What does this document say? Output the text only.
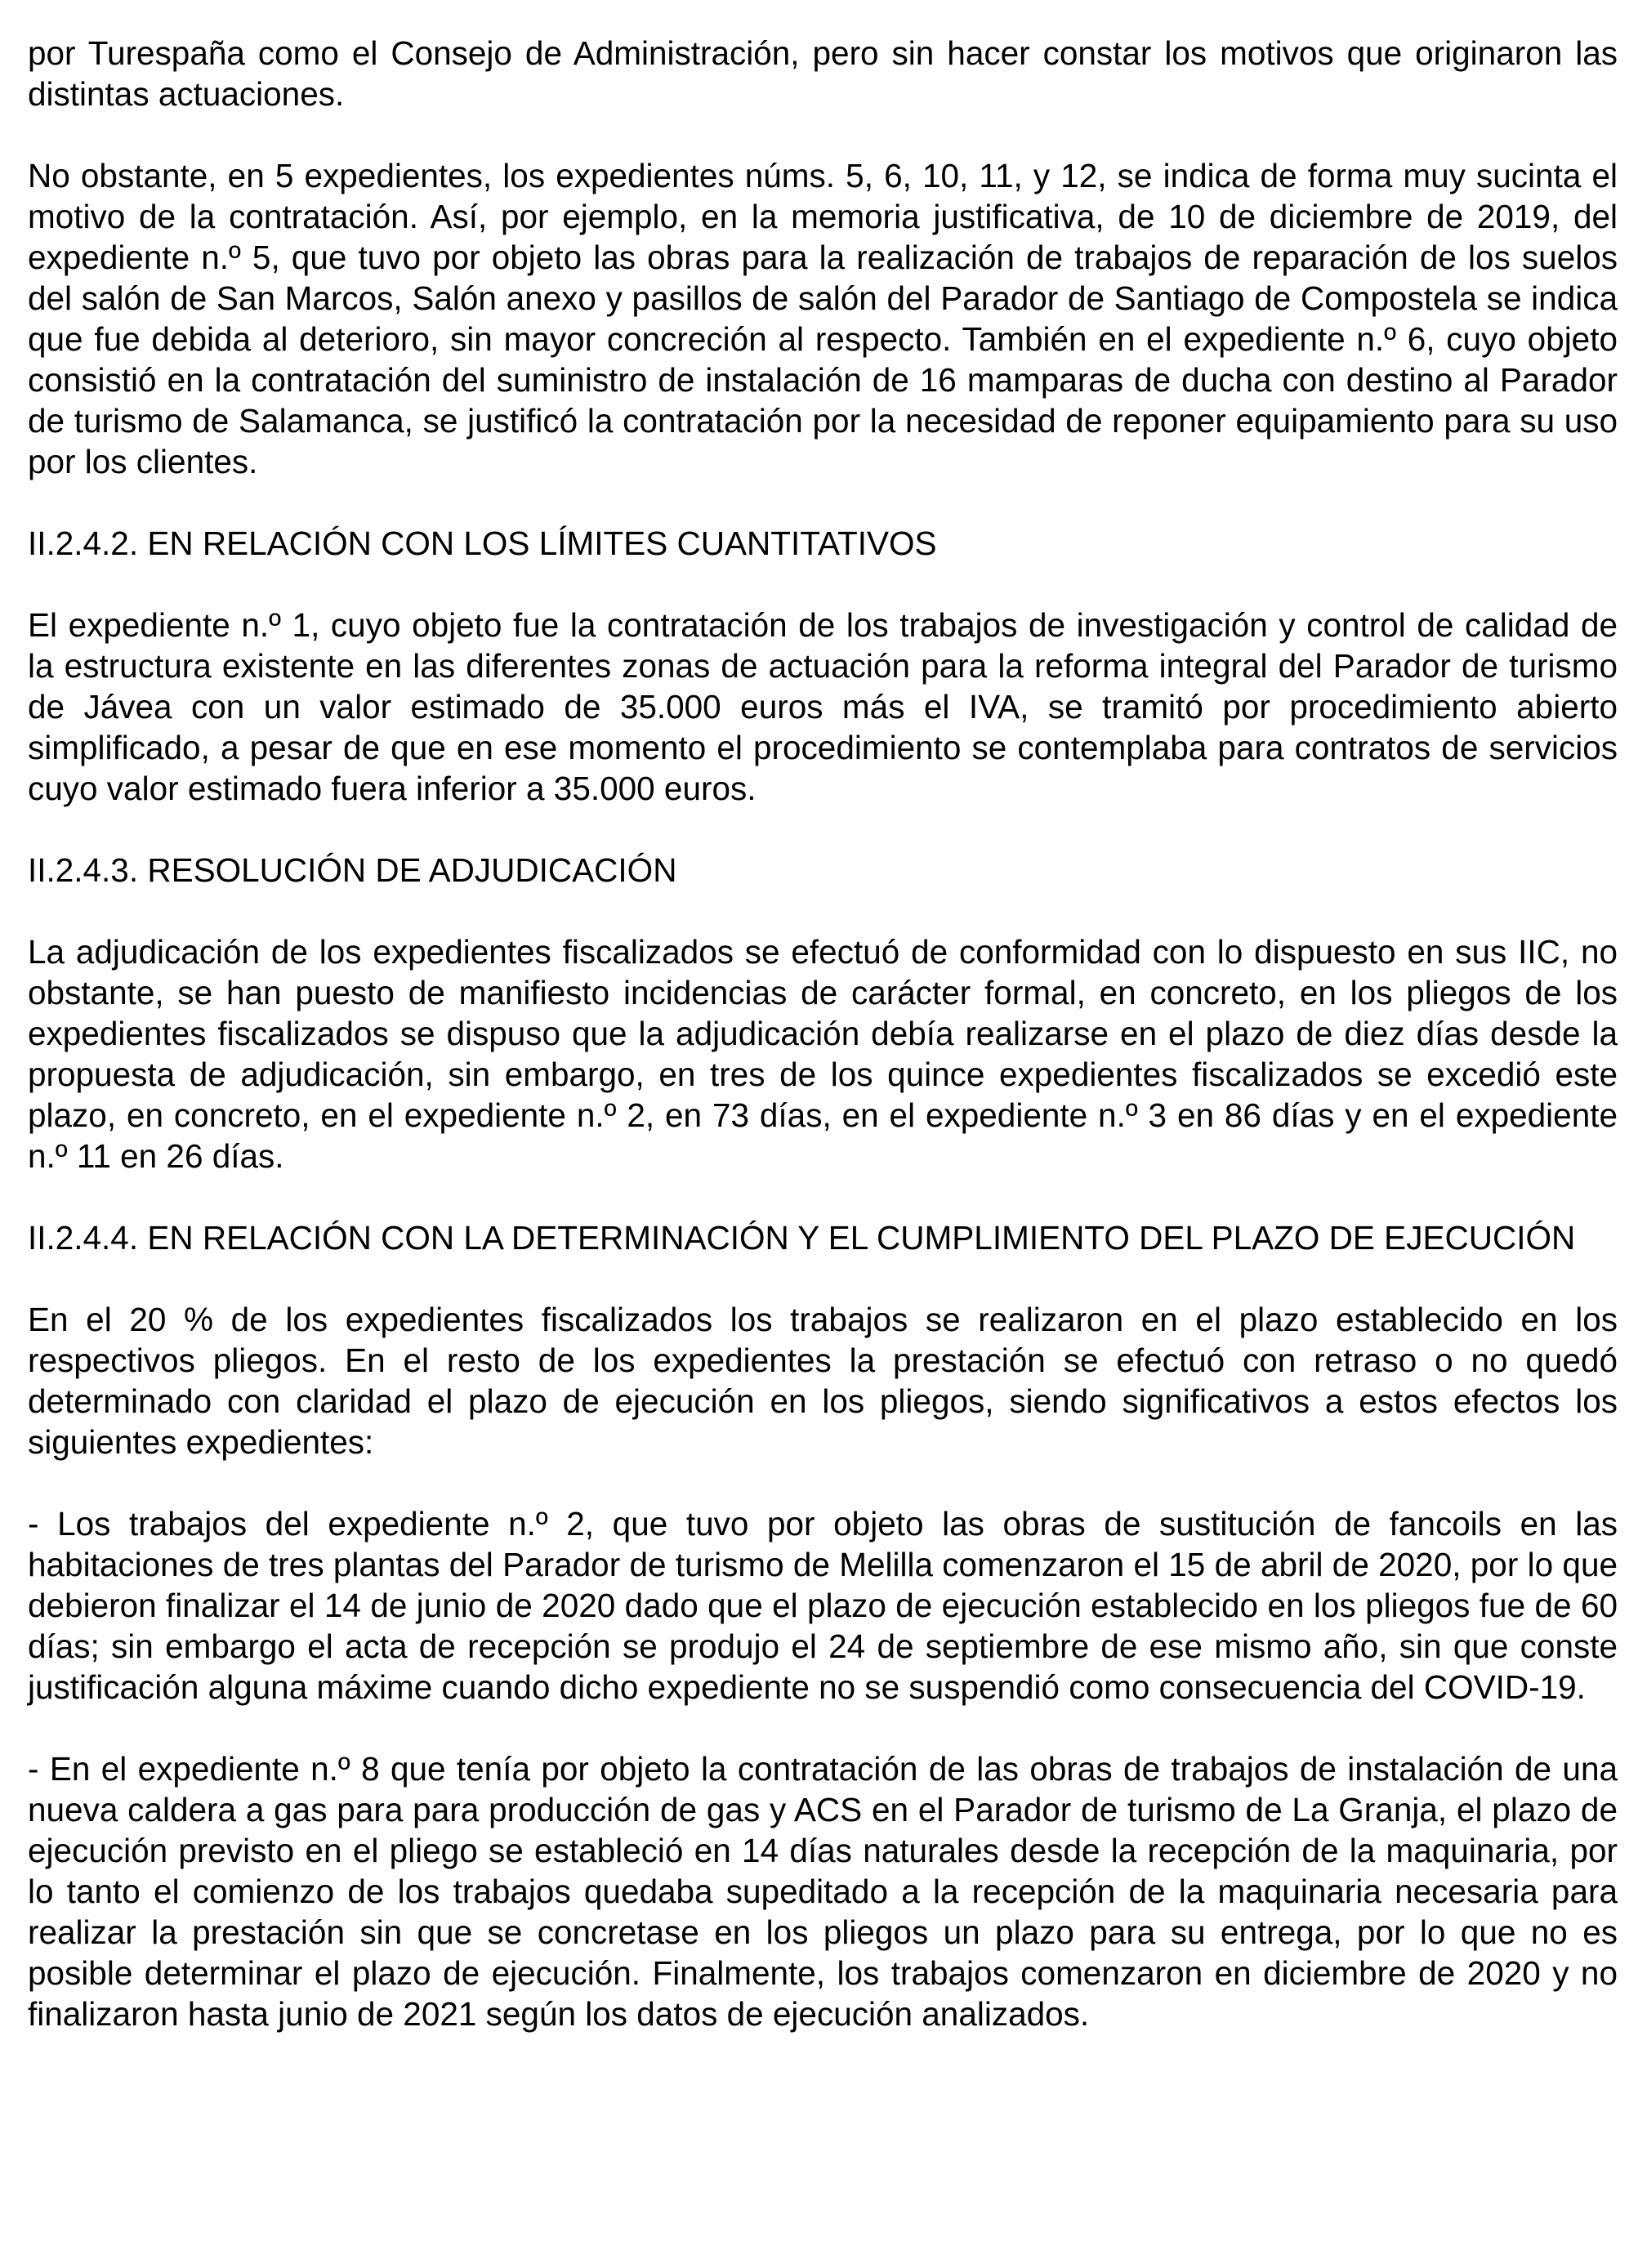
por Turespaña como el Consejo de Administración, pero sin hacer constar los motivos que originaron las distintas actuaciones.

No obstante, en 5 expedientes, los expedientes núms. 5, 6, 10, 11, y 12, se indica de forma muy sucinta el motivo de la contratación. Así, por ejemplo, en la memoria justificativa, de 10 de diciembre de 2019, del expediente n.º 5, que tuvo por objeto las obras para la realización de trabajos de reparación de los suelos del salón de San Marcos, Salón anexo y pasillos de salón del Parador de Santiago de Compostela se indica que fue debida al deterioro, sin mayor concreción al respecto. También en el expediente n.º 6, cuyo objeto consistió en la contratación del suministro de instalación de 16 mamparas de ducha con destino al Parador de turismo de Salamanca, se justificó la contratación por la necesidad de reponer equipamiento para su uso por los clientes.

II.2.4.2. EN RELACIÓN CON LOS LÍMITES CUANTITATIVOS

El expediente n.º 1, cuyo objeto fue la contratación de los trabajos de investigación y control de calidad de la estructura existente en las diferentes zonas de actuación para la reforma integral del Parador de turismo de Jávea con un valor estimado de 35.000 euros más el IVA, se tramitó por procedimiento abierto simplificado, a pesar de que en ese momento el procedimiento se contemplaba para contratos de servicios cuyo valor estimado fuera inferior a 35.000 euros.

II.2.4.3. RESOLUCIÓN DE ADJUDICACIÓN

La adjudicación de los expedientes fiscalizados se efectuó de conformidad con lo dispuesto en sus IIC, no obstante, se han puesto de manifiesto incidencias de carácter formal, en concreto, en los pliegos de los expedientes fiscalizados se dispuso que la adjudicación debía realizarse en el plazo de diez días desde la propuesta de adjudicación, sin embargo, en tres de los quince expedientes fiscalizados se excedió este plazo, en concreto, en el expediente n.º 2, en 73 días, en el expediente n.º 3 en 86 días y en el expediente n.º 11 en 26 días.

II.2.4.4. EN RELACIÓN CON LA DETERMINACIÓN Y EL CUMPLIMIENTO DEL PLAZO DE EJECUCIÓN

En el 20 % de los expedientes fiscalizados los trabajos se realizaron en el plazo establecido en los respectivos pliegos. En el resto de los expedientes la prestación se efectuó con retraso o no quedó determinado con claridad el plazo de ejecución en los pliegos, siendo significativos a estos efectos los siguientes expedientes:

- Los trabajos del expediente n.º 2, que tuvo por objeto las obras de sustitución de fancoils en las habitaciones de tres plantas del Parador de turismo de Melilla comenzaron el 15 de abril de 2020, por lo que debieron finalizar el 14 de junio de 2020 dado que el plazo de ejecución establecido en los pliegos fue de 60 días; sin embargo el acta de recepción se produjo el 24 de septiembre de ese mismo año, sin que conste justificación alguna máxime cuando dicho expediente no se suspendió como consecuencia del COVID-19.

- En el expediente n.º 8 que tenía por objeto la contratación de las obras de trabajos de instalación de una nueva caldera a gas para para producción de gas y ACS en el Parador de turismo de La Granja, el plazo de ejecución previsto en el pliego se estableció en 14 días naturales desde la recepción de la maquinaria, por lo tanto el comienzo de los trabajos quedaba supeditado a la recepción de la maquinaria necesaria para realizar la prestación sin que se concretase en los pliegos un plazo para su entrega, por lo que no es posible determinar el plazo de ejecución. Finalmente, los trabajos comenzaron en diciembre de 2020 y no finalizaron hasta junio de 2021 según los datos de ejecución analizados.
